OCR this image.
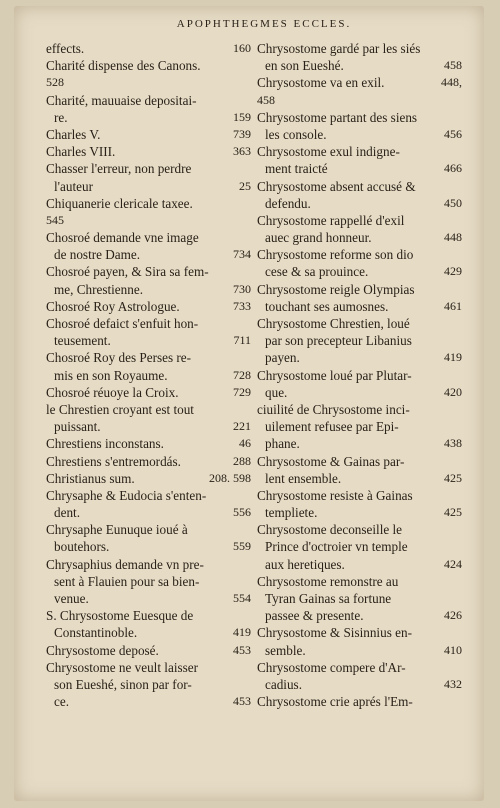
APOPHTHEGMES ECCLES.
effects.	160
Charité dispense des Canons.
528
Charité, mauuaise depositai-
re.	159
Charles V.	739
Charles VIII.	363
Chasser l'erreur, non perdre
l'auteur	25
Chiquanerie clericale taxee.
545
Chosroé demande vne image
de nostre Dame.	734
Chosroé payen, & Sira sa fem-
me, Chrestienne.	730
Chosroé Roy Astrologue.	733
Chosroé defaict s'enfuit hon-
teusement.	711
Chosroé Roy des Perses re-
mis en son Royaume.	728
Chosroé réuoye la Croix.	729
le Chrestien croyant est tout
puissant.	221
Chrestiens inconstans.	46
Chrestiens s'entremordás.	288
Christianus sum.	208. 598
Chrysaphe & Eudocia s'enten-
dent.	556
Chrysaphe Eunuque ioué à
boutehors.	559
Chrysaphius demande vn pre-
sent à Flauien pour sa bien-
venue.	554
S. Chrysostome Euesque de
Constantinoble.	419
Chrysostome deposé.	453
Chrysostome ne veult laisser
son Eueshé, sinon par for-
ce.	453
Chrysostome gardé par les siés
en son Eueshé.	458
Chrysostome va en exil.	448,
458
Chrysostome partant des siens
les console.	456
Chrysostome exul indigne-
ment traicté	466
Chrysostome absent accusé &
defendu.	450
Chrysostome rappellé d'exil
auec grand honneur.	448
Chrysostome reforme son dio
cese & sa prouince.	429
Chrysostome reigle Olympias
touchant ses aumosnes.	461
Chrysostome Chrestien, loué
par son precepteur Libanius
payen.	419
Chrysostome loué par Plutar-
que.	420
ciuilité de Chrysostome inci-
uilement refusee par Epi-
phane.	438
Chrysostome & Gainas par-
lent ensemble.	425
Chrysostome resiste à Gainas
templiete.	425
Chrysostome deconseille le
Prince d'octroier vn temple
aux heretiques.	424
Chrysostome remonstre au
Tyran Gainas sa fortune
passee & presente.	426
Chrysostome & Sisinnius en-
semble.	410
Chrysostome compere d'Ar-
cadius.	432
Chrysostome crie aprés l'Em-
